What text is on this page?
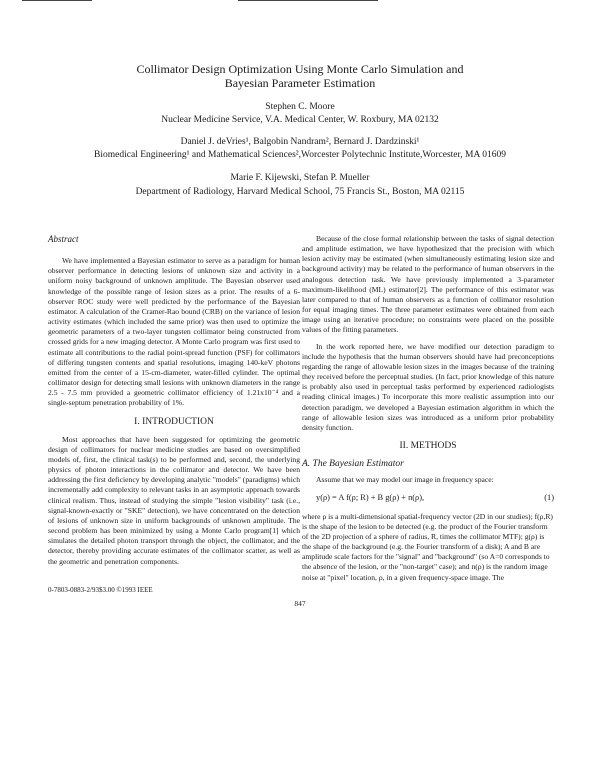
Collimator Design Optimization Using Monte Carlo Simulation and
Bayesian Parameter Estimation
Stephen C. Moore
Nuclear Medicine Service, V.A. Medical Center, W. Roxbury, MA 02132
Daniel J. deVries¹, Balgobin Nandram², Bernard J. Dardzinski¹
Biomedical Engineering¹ and Mathematical Sciences²,Worcester Polytechnic Institute,Worcester, MA 01609
Marie F. Kijewski, Stefan P. Mueller
Department of Radiology, Harvard Medical School, 75 Francis St., Boston, MA 02115
Abstract

We have implemented a Bayesian estimator to serve as a paradigm for human observer performance in detecting lesions of unknown size and activity in a uniform noisy background of unknown amplitude. The Bayesian observer used knowledge of the possible range of lesion sizes as a prior. The results of a 6-observer ROC study were well predicted by the performance of the Bayesian estimator. A calculation of the Cramer-Rao bound (CRB) on the variance of lesion activity estimates (which included the same prior) was then used to optimize the geometric parameters of a two-layer tungsten collimator being constructed from crossed grids for a new imaging detector. A Monte Carlo program was first used to estimate all contributions to the radial point-spread function (PSF) for collimators of differing tungsten contents and spatial resolutions, imaging 140-keV photons emitted from the center of a 15-cm-diameter, water-filled cylinder. The optimal collimator design for detecting small lesions with unknown diameters in the range 2.5 - 7.5 mm provided a geometric collimator efficiency of 1.21x10⁻⁴ and a single-septum penetration probability of 1%.

I. INTRODUCTION

Most approaches that have been suggested for optimizing the geometric design of collimators for nuclear medicine studies are based on oversimplified models of, first, the clinical task(s) to be performed and, second, the underlying physics of photon interactions in the collimator and detector. We have been addressing the first deficiency by developing analytic "models" (paradigms) which incrementally add complexity to relevant tasks in an asymptotic approach towards clinical realism. Thus, instead of studying the simple "lesion visibility" task (i.e., signal-known-exactly or "SKE" detection), we have concentrated on the detection of lesions of unknown size in uniform backgrounds of unknown amplitude. The second problem has been minimized by using a Monte Carlo program[1] which simulates the detailed photon transport through the object, the collimator, and the detector, thereby providing accurate estimates of the collimator scatter, as well as the geometric and penetration components.

Because of the close formal relationship between the tasks of signal detection and amplitude estimation, we have hypothesized that the precision with which lesion activity may be estimated (when simultaneously estimating lesion size and background activity) may be related to the performance of human observers in the analogous detection task. We have previously implemented a 3-parameter maximum-likelihood (ML) estimator[2]. The performance of this estimator was later compared to that of human observers as a function of collimator resolution for equal imaging times. The three parameter estimates were obtained from each image using an iterative procedure; no constraints were placed on the possible values of the fitting parameters.

In the work reported here, we have modified our detection paradigm to include the hypothesis that the human observers should have had preconceptions regarding the range of allowable lesion sizes in the images because of the training they received before the perceptual studies. (In fact, prior knowledge of this nature is probably also used in perceptual tasks performed by experienced radiologists reading clinical images.) To incorporate this more realistic assumption into our detection paradigm, we developed a Bayesian estimation algorithm in which the range of allowable lesion sizes was introduced as a uniform prior probability density function.

II. METHODS
A. The Bayesian Estimator

Assume that we may model our image in frequency space:

y(ρ) = A f(ρ; R) + B g(ρ) + n(ρ),	(1)

where ρ is a multi-dimensional spatial-frequency vector (2D in our studies); f(ρ,R) is the shape of the lesion to be detected (e.g. the product of the Fourier transform of the 2D projection of a sphere of radius, R, times the collimator MTF); g(ρ) is the shape of the background (e.g. the Fourier transform of a disk); A and B are amplitude scale factors for the "signal" and "background" (so A=0 corresponds to the absence of the lesion, or the "non-target" case); and n(ρ) is the random image noise at "pixel" location, ρ, in a given frequency-space image. The

0-7803-0883-2/93$3.00 ©1993 IEEE
847
